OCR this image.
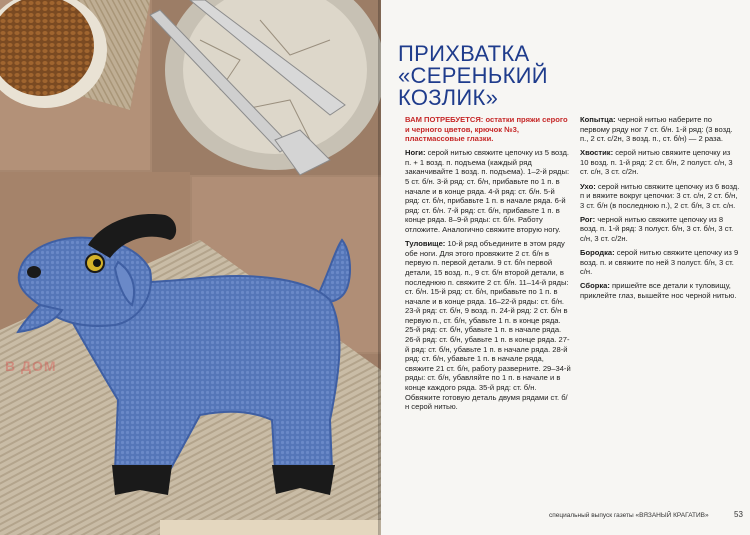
В ДОМ
ПРИХВАТКА
«СЕРЕНЬКИЙ
КОЗЛИК»

ВАМ ПОТРЕБУЕТСЯ: остатки пряжи серого и черного цветов, крючок №3, пластмассовые глазки.

Ноги: серой нитью свяжите цепочку из 5 возд. п. + 1 возд. п. подъема (каждый ряд заканчивайте 1 возд. п. подъема). 1–2-й ряды: 5 ст. б/н. 3-й ряд: ст. б/н, прибавьте по 1 п. в начале и в конце ряда. 4-й ряд: ст. б/н. 5-й ряд: ст. б/н, прибавьте 1 п. в начале ряда. 6-й ряд: ст. б/н. 7-й ряд: ст. б/н, прибавьте 1 п. в конце ряда. 8–9-й ряды: ст. б/н. Работу отложите. Аналогично свяжите вторую ногу.

Туловище: 10-й ряд объедините в этом ряду обе ноги. Для этого провяжите 2 ст. б/н в первую п. первой детали. 9 ст. б/н первой детали, 15 возд. п., 9 ст. б/н второй детали, в последнюю п. свяжите 2 ст. б/н. 11–14-й ряды: ст. б/н. 15-й ряд: ст. б/н, прибавьте по 1 п. в начале и в конце ряда. 16–22-й ряды: ст. б/н. 23-й ряд: ст. б/н, 9 возд. п. 24-й ряд: 2 ст. б/н в первую п., ст. б/н, убавьте 1 п. в конце ряда. 25-й ряд: ст. б/н, убавьте 1 п. в начале ряда. 26-й ряд: ст. б/н, убавьте 1 п. в конце ряда. 27-й ряд: ст. б/н, убавьте 1 п. в начале ряда. 28-й ряд: ст. б/н, убавьте 1 п. в начале ряда, свяжите 21 ст. б/н, работу разверните. 29–34-й ряды: ст. б/н, убавляйте по 1 п. в начале и в конце каждого ряда. 35-й ряд: ст. б/н. Обвяжите готовую деталь двумя рядами ст. б/н серой нитью.

Копытца: черной нитью наберите по первому ряду ног 7 ст. б/н. 1-й ряд: (3 возд. п., 2 ст. с/2н, 3 возд. п., ст. б/н) — 2 раза.

Хвостик: серой нитью свяжите цепочку из 10 возд. п. 1-й ряд: 2 ст. б/н, 2 полуст. с/н, 3 ст. с/н, 3 ст. с/2н.

Ухо: серой нитью свяжите цепочку из 6 возд. п и вяжите вокруг цепочки: 3 ст. с/н, 2 ст. б/н, 3 ст. б/н (в последнюю п.), 2 ст. б/н, 3 ст. с/н.

Рог: черной нитью свяжите цепочку из 8 возд. п. 1-й ряд: 3 полуст. б/н, 3 ст. б/н, 3 ст. с/н, 3 ст. с/2н.

Бородка: серой нитью свяжите цепочку из 9 возд. п. и свяжите по ней 3 полуст. б/н, 3 ст. с/н.

Сборка: пришейте все детали к туловищу, приклейте глаз, вышейте нос черной нитью.

специальный выпуск газеты «ВЯЗАНЫЙ КРАГАТИВ»	53
